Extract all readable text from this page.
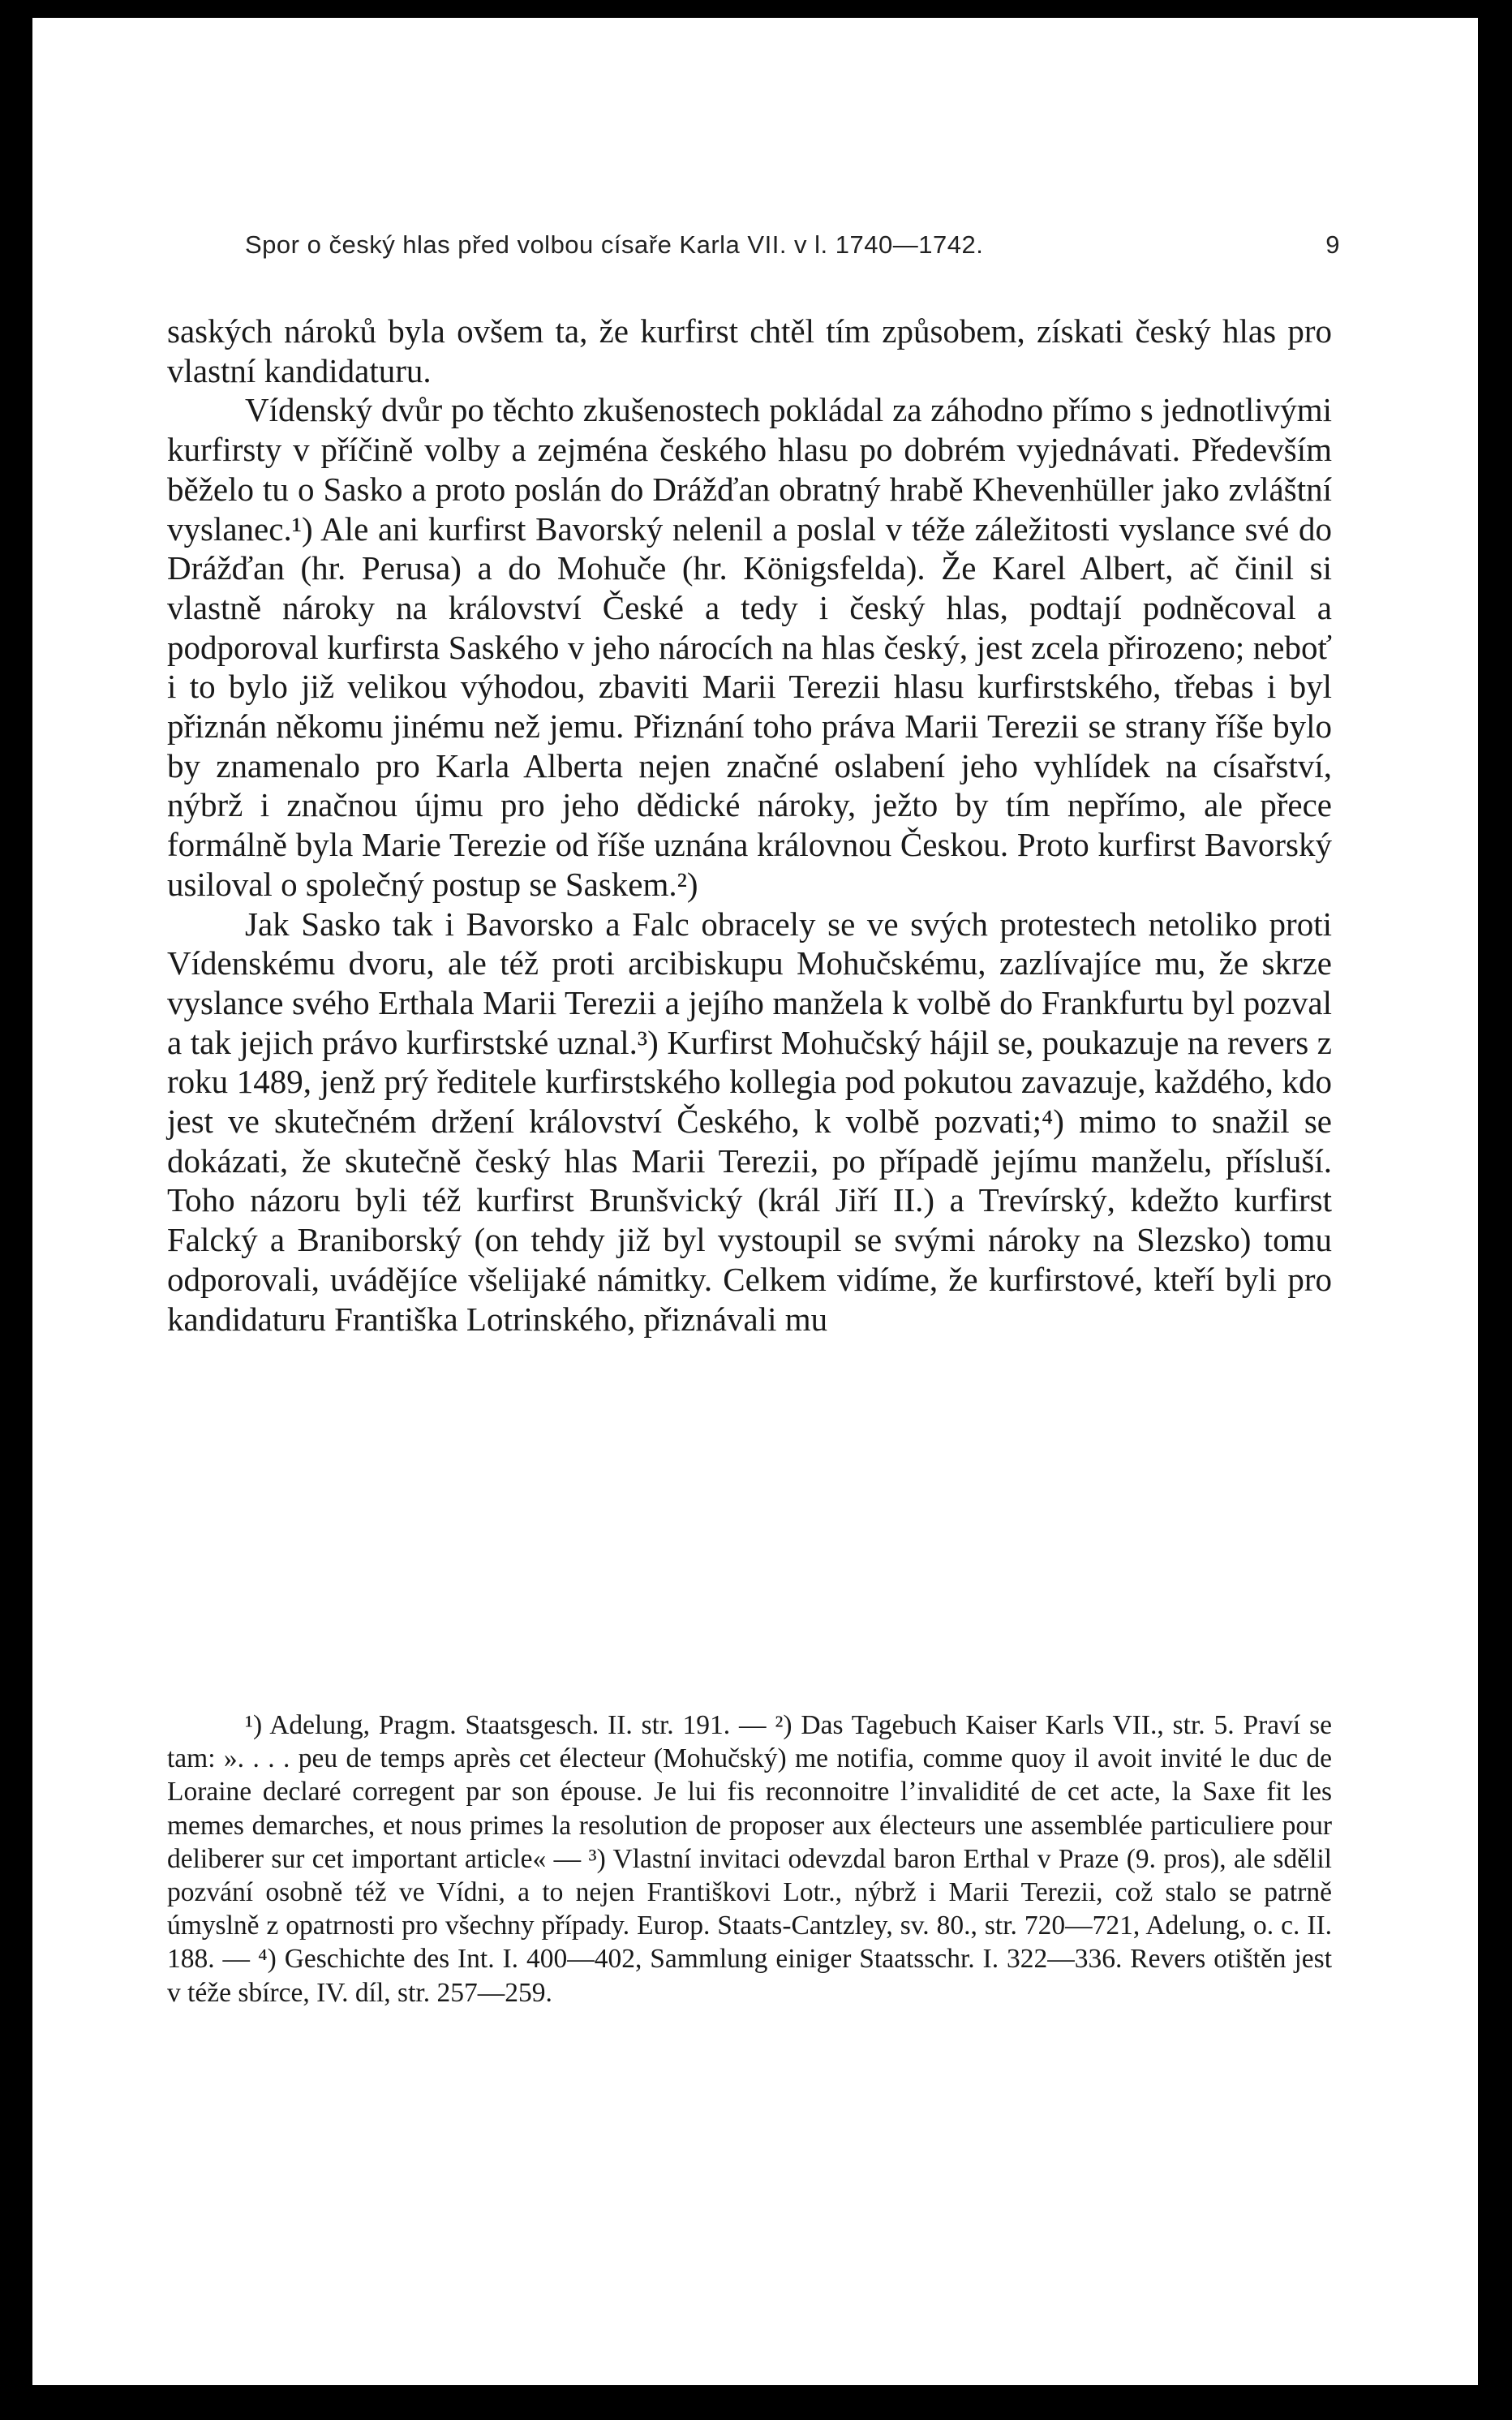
Spor o český hlas před volbou císaře Karla VII. v l. 1740—1742.	9

saských nároků byla ovšem ta, že kurfirst chtěl tím způsobem, získati český hlas pro vlastní kandidaturu.

Vídenský dvůr po těchto zkušenostech pokládal za záhodno přímo s jednotlivými kurfirsty v příčině volby a zejména českého hlasu po dobrém vyjednávati. Především běželo tu o Sasko a proto poslán do Drážďan obratný hrabě Khevenhüller jako zvláštní vyslanec.¹) Ale ani kurfirst Bavorský nelenil a poslal v téže záležitosti vyslance své do Drážďan (hr. Perusa) a do Mohuče (hr. Königsfelda). Že Karel Albert, ač činil si vlastně nároky na království České a tedy i český hlas, podtají podněcoval a podporoval kurfirsta Saského v jeho nárocích na hlas český, jest zcela přirozeno; neboť i to bylo již velikou výhodou, zbaviti Marii Terezii hlasu kurfirstského, třebas i byl přiznán někomu jinému než jemu. Přiznání toho práva Marii Terezii se strany říše bylo by znamenalo pro Karla Alberta nejen značné oslabení jeho vyhlídek na císařství, nýbrž i značnou újmu pro jeho dědické nároky, ježto by tím nepřímo, ale přece formálně byla Marie Terezie od říše uznána královnou Českou. Proto kurfirst Bavorský usiloval o společný postup se Saskem.²)

Jak Sasko tak i Bavorsko a Falc obracely se ve svých protestech netoliko proti Vídenskému dvoru, ale též proti arcibiskupu Mohučskému, zazlívajíce mu, že skrze vyslance svého Erthala Marii Terezii a jejího manžela k volbě do Frankfurtu byl pozval a tak jejich právo kurfirstské uznal.³) Kurfirst Mohučský hájil se, poukazuje na revers z roku 1489, jenž prý ředitele kurfirstského kollegia pod pokutou zavazuje, každého, kdo jest ve skutečném držení království Českého, k volbě pozvati;⁴) mimo to snažil se dokázati, že skutečně český hlas Marii Terezii, po případě jejímu manželu, přísluší. Toho názoru byli též kurfirst Brunšvický (král Jiří II.) a Trevírský, kdežto kurfirst Falcký a Braniborský (on tehdy již byl vystoupil se svými nároky na Slezsko) tomu odporovali, uvádějíce všelijaké námitky. Celkem vidíme, že kurfirstové, kteří byli pro kandidaturu Františka Lotrinského, přiznávali mu

¹) Adelung, Pragm. Staatsgesch. II. str. 191. — ²) Das Tagebuch Kaiser Karls VII., str. 5. Praví se tam: ». . . . peu de temps après cet électeur (Mohučský) me notifia, comme quoy il avoit invité le duc de Loraine declaré corregent par son épouse. Je lui fis reconnoitre l’invalidité de cet acte, la Saxe fit les memes demarches, et nous primes la resolution de proposer aux électeurs une assemblée particuliere pour deliberer sur cet important article« — ³) Vlastní invitaci odevzdal baron Erthal v Praze (9. pros), ale sdělil pozvání osobně též ve Vídni, a to nejen Františkovi Lotr., nýbrž i Marii Terezii, což stalo se patrně úmyslně z opatrnosti pro všechny případy. Europ. Staats-Cantzley, sv. 80., str. 720—721, Adelung, o. c. II. 188. — ⁴) Geschichte des Int. I. 400—402, Sammlung einiger Staatsschr. I. 322—336. Revers otištěn jest v téže sbírce, IV. díl, str. 257—259.
